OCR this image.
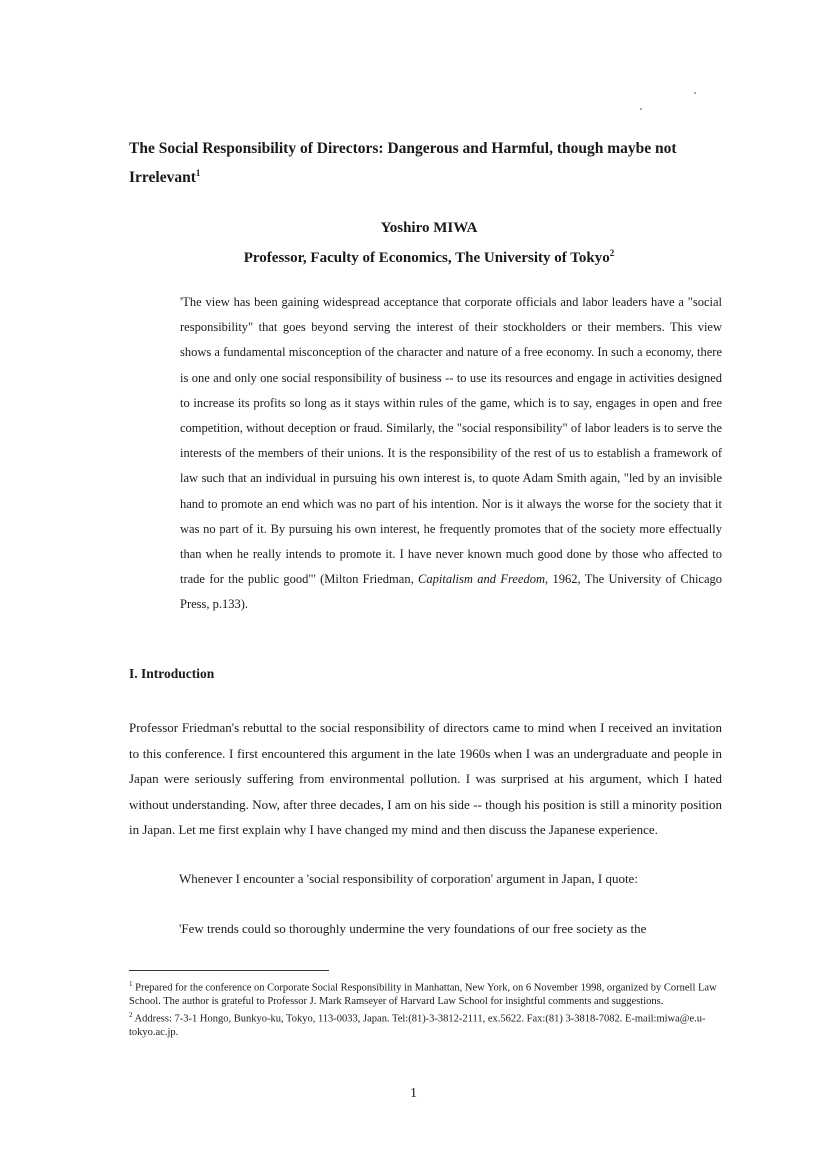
The Social Responsibility of Directors: Dangerous and Harmful, though maybe not Irrelevant$^1$
Yoshiro MIWA
Professor, Faculty of Economics, The University of Tokyo$^2$

'The view has been gaining widespread acceptance that corporate officials and labor leaders have a "social responsibility" that goes beyond serving the interest of their stockholders or their members. This view shows a fundamental misconception of the character and nature of a free economy. In such a economy, there is one and only one social responsibility of business -- to use its resources and engage in activities designed to increase its profits so long as it stays within rules of the game, which is to say, engages in open and free competition, without deception or fraud. Similarly, the "social responsibility" of labor leaders is to serve the interests of the members of their unions. It is the responsibility of the rest of us to establish a framework of law such that an individual in pursuing his own interest is, to quote Adam Smith again, "led by an invisible hand to promote an end which was no part of his intention. Nor is it always the worse for the society that it was no part of it. By pursuing his own interest, he frequently promotes that of the society more effectually than when he really intends to promote it. I have never known much good done by those who affected to trade for the public good"' (Milton Friedman, Capitalism and Freedom, 1962, The University of Chicago Press, p.133).

I. Introduction

Professor Friedman's rebuttal to the social responsibility of directors came to mind when I received an invitation to this conference. I first encountered this argument in the late 1960s when I was an undergraduate and people in Japan were seriously suffering from environmental pollution. I was surprised at his argument, which I hated without understanding. Now, after three decades, I am on his side -- though his position is still a minority position in Japan. Let me first explain why I have changed my mind and then discuss the Japanese experience.

Whenever I encounter a 'social responsibility of corporation' argument in Japan, I quote:

'Few trends could so thoroughly undermine the very foundations of our free society as the

$^1$ Prepared for the conference on Corporate Social Responsibility in Manhattan, New York, on 6 November 1998, organized by Cornell Law School. The author is grateful to Professor J. Mark Ramseyer of Harvard Law School for insightful comments and suggestions.

$^2$ Address: 7-3-1 Hongo, Bunkyo-ku, Tokyo, 113-0033, Japan. Tel:(81)-3-3812-2111, ex.5622. Fax:(81) 3-3818-7082. E-mail:miwa@e.u-tokyo.ac.jp.

1
